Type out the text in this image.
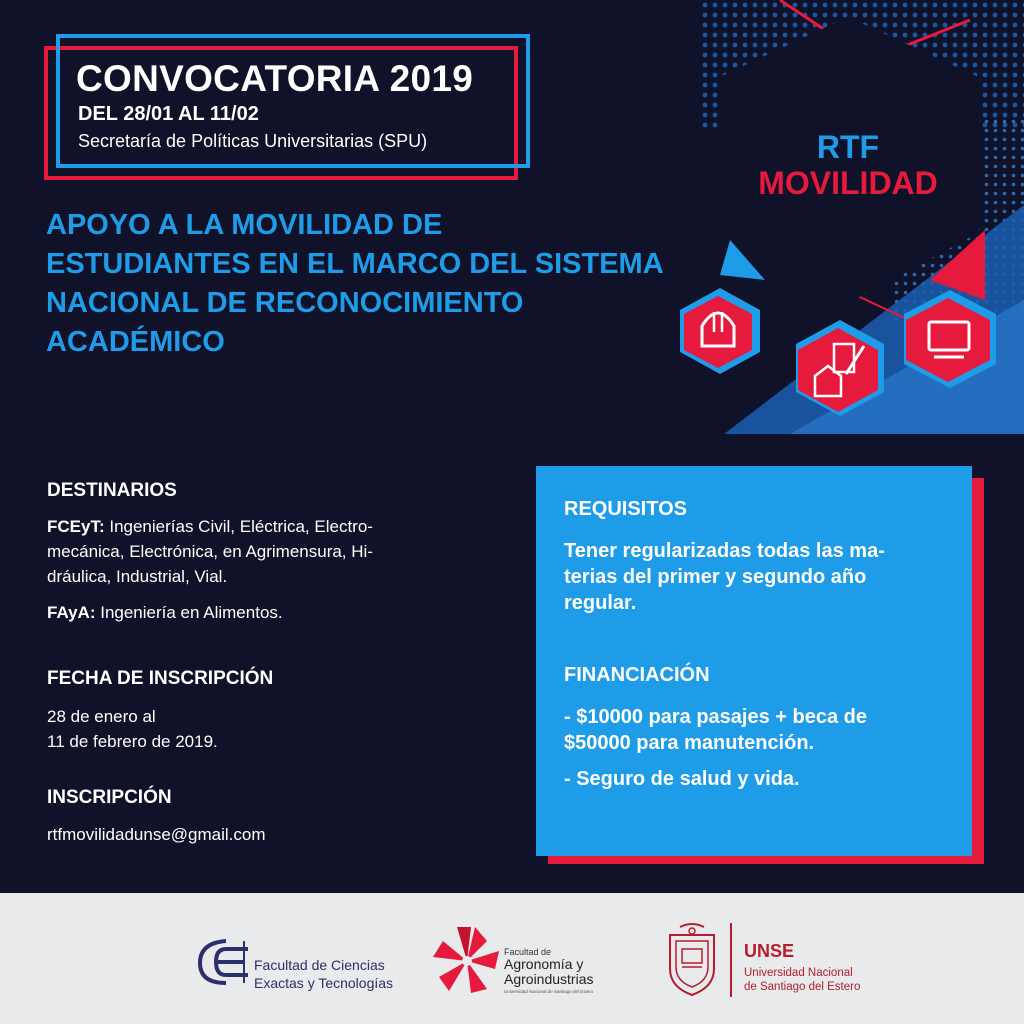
CONVOCATORIA 2019
DEL 28/01 AL 11/02
Secretaría de Políticas Universitarias (SPU)
APOYO A LA MOVILIDAD DE
ESTUDIANTES EN EL MARCO DEL SISTEMA
NACIONAL DE RECONOCIMIENTO
ACADÉMICO
RTF
MOVILIDAD
DESTINARIOS
FCEyT: Ingenierías Civil, Eléctrica, Electro-
mecánica, Electrónica, en Agrimensura, Hi-
dráulica, Industrial, Vial.
FAyA: Ingeniería en Alimentos.
FECHA DE INSCRIPCIÓN
28 de enero al
11 de febrero de 2019.
INSCRIPCIÓN
rtfmovilidadunse@gmail.com
REQUISITOS
Tener regularizadas todas las ma-
terias del primer y segundo año
regular.
FINANCIACIÓN
- $10000 para pasajes + beca de
$50000 para manutención.
- Seguro de salud y vida.
Facultad de Ciencias
Exactas y Tecnologías
Facultad de
Agronomía y
Agroindustrias
Universidad Nacional de Santiago del Estero
UNSE
Universidad Nacional
de Santiago del Estero
